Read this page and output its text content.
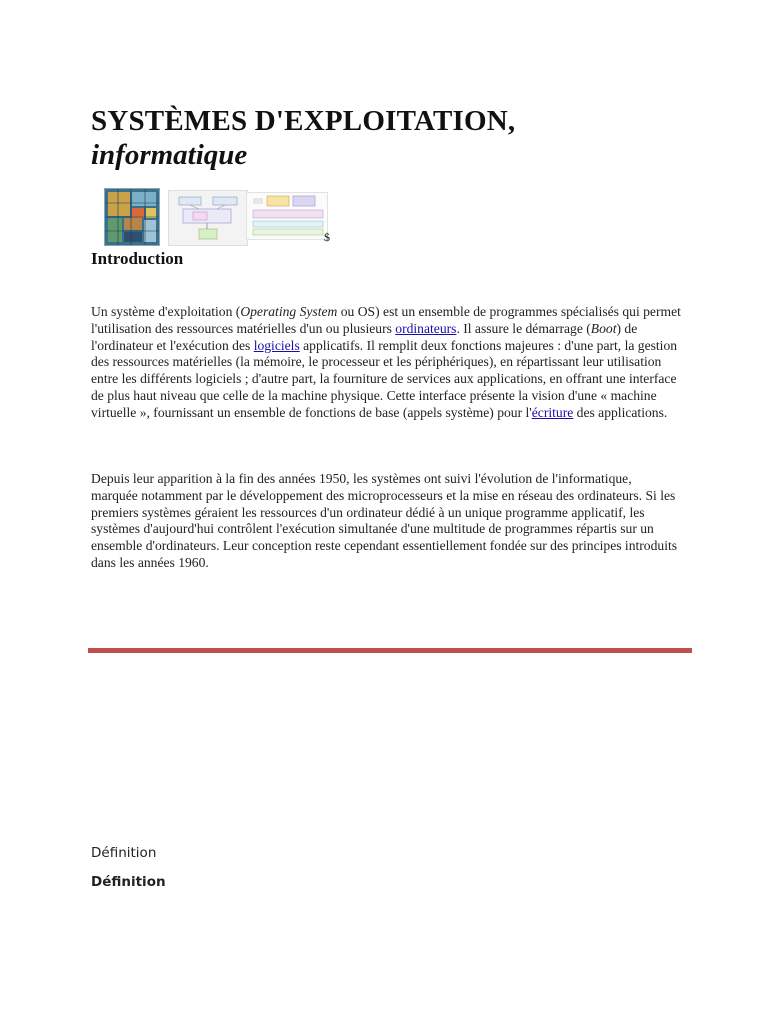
SYSTÈMES D'EXPLOITATION,
informatique
$
Introduction
Un système d'exploitation (Operating System ou OS) est un ensemble de programmes spécialisés qui permet l'utilisation des ressources matérielles d'un ou plusieurs ordinateurs. Il assure le démarrage (Boot) de l'ordinateur et l'exécution des logiciels applicatifs. Il remplit deux fonctions majeures : d'une part, la gestion des ressources matérielles (la mémoire, le processeur et les périphériques), en répartissant leur utilisation entre les différents logiciels ; d'autre part, la fourniture de services aux applications, en offrant une interface de plus haut niveau que celle de la machine physique. Cette interface présente la vision d'une « machine virtuelle », fournissant un ensemble de fonctions de base (appels système) pour l'écriture des applications.
Depuis leur apparition à la fin des années 1950, les systèmes ont suivi l'évolution de l'informatique, marquée notamment par le développement des microprocesseurs et la mise en réseau des ordinateurs. Si les premiers systèmes géraient les ressources d'un ordinateur dédié à un unique programme applicatif, les systèmes d'aujourd'hui contrôlent l'exécution simultanée d'une multitude de programmes répartis sur un ensemble d'ordinateurs. Leur conception reste cependant essentiellement fondée sur des principes introduits dans les années 1960.
Définition
Définition
